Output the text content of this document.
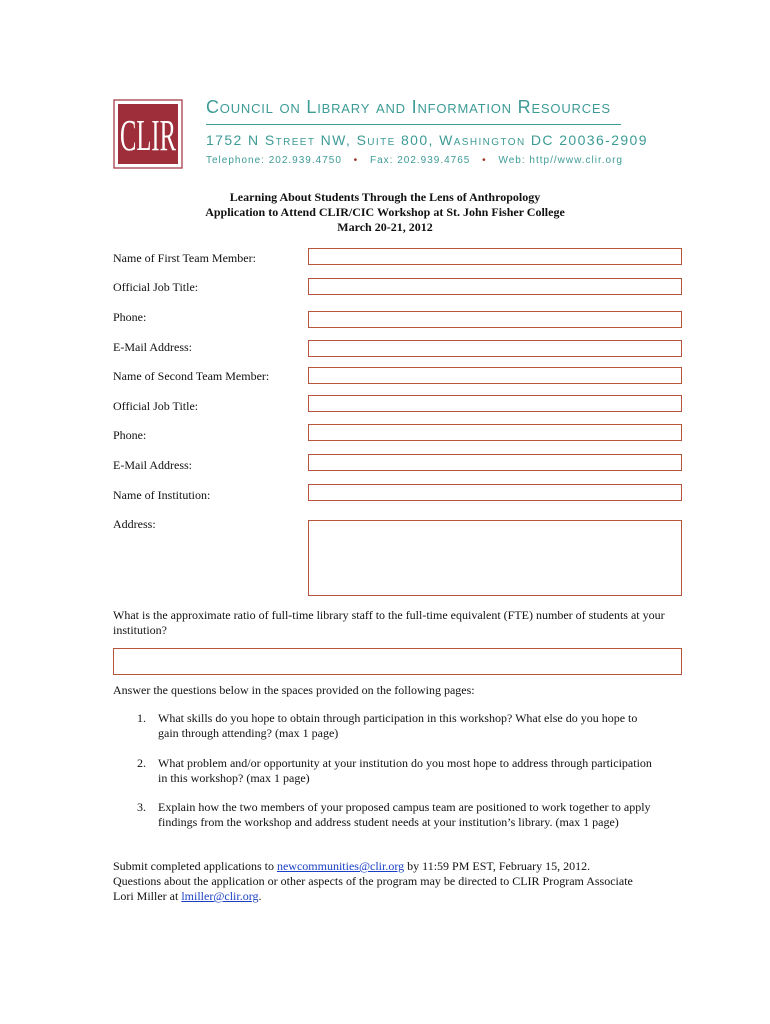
CLIR
Council on Library and Information Resources
1752 N Street NW, Suite 800, Washington DC 20036-2909
Telephone: 202.939.4750 • Fax: 202.939.4765 • Web: http//www.clir.org
Learning About Students Through the Lens of Anthropology
Application to Attend CLIR/CIC Workshop at St. John Fisher College
March 20-21, 2012
Name of First Team Member:
Official Job Title:
Phone:
E-Mail Address:
Name of Second Team Member:
Official Job Title:
Phone:
E-Mail Address:
Name of Institution:
Address:
What is the approximate ratio of full-time library staff to the full-time equivalent (FTE) number of students at your institution?
Answer the questions below in the spaces provided on the following pages:
1. What skills do you hope to obtain through participation in this workshop? What else do you hope to gain through attending? (max 1 page)
2. What problem and/or opportunity at your institution do you most hope to address through participation in this workshop? (max 1 page)
3. Explain how the two members of your proposed campus team are positioned to work together to apply findings from the workshop and address student needs at your institution’s library. (max 1 page)
Submit completed applications to newcommunities@clir.org by 11:59 PM EST, February 15, 2012.
Questions about the application or other aspects of the program may be directed to CLIR Program Associate Lori Miller at lmiller@clir.org.
